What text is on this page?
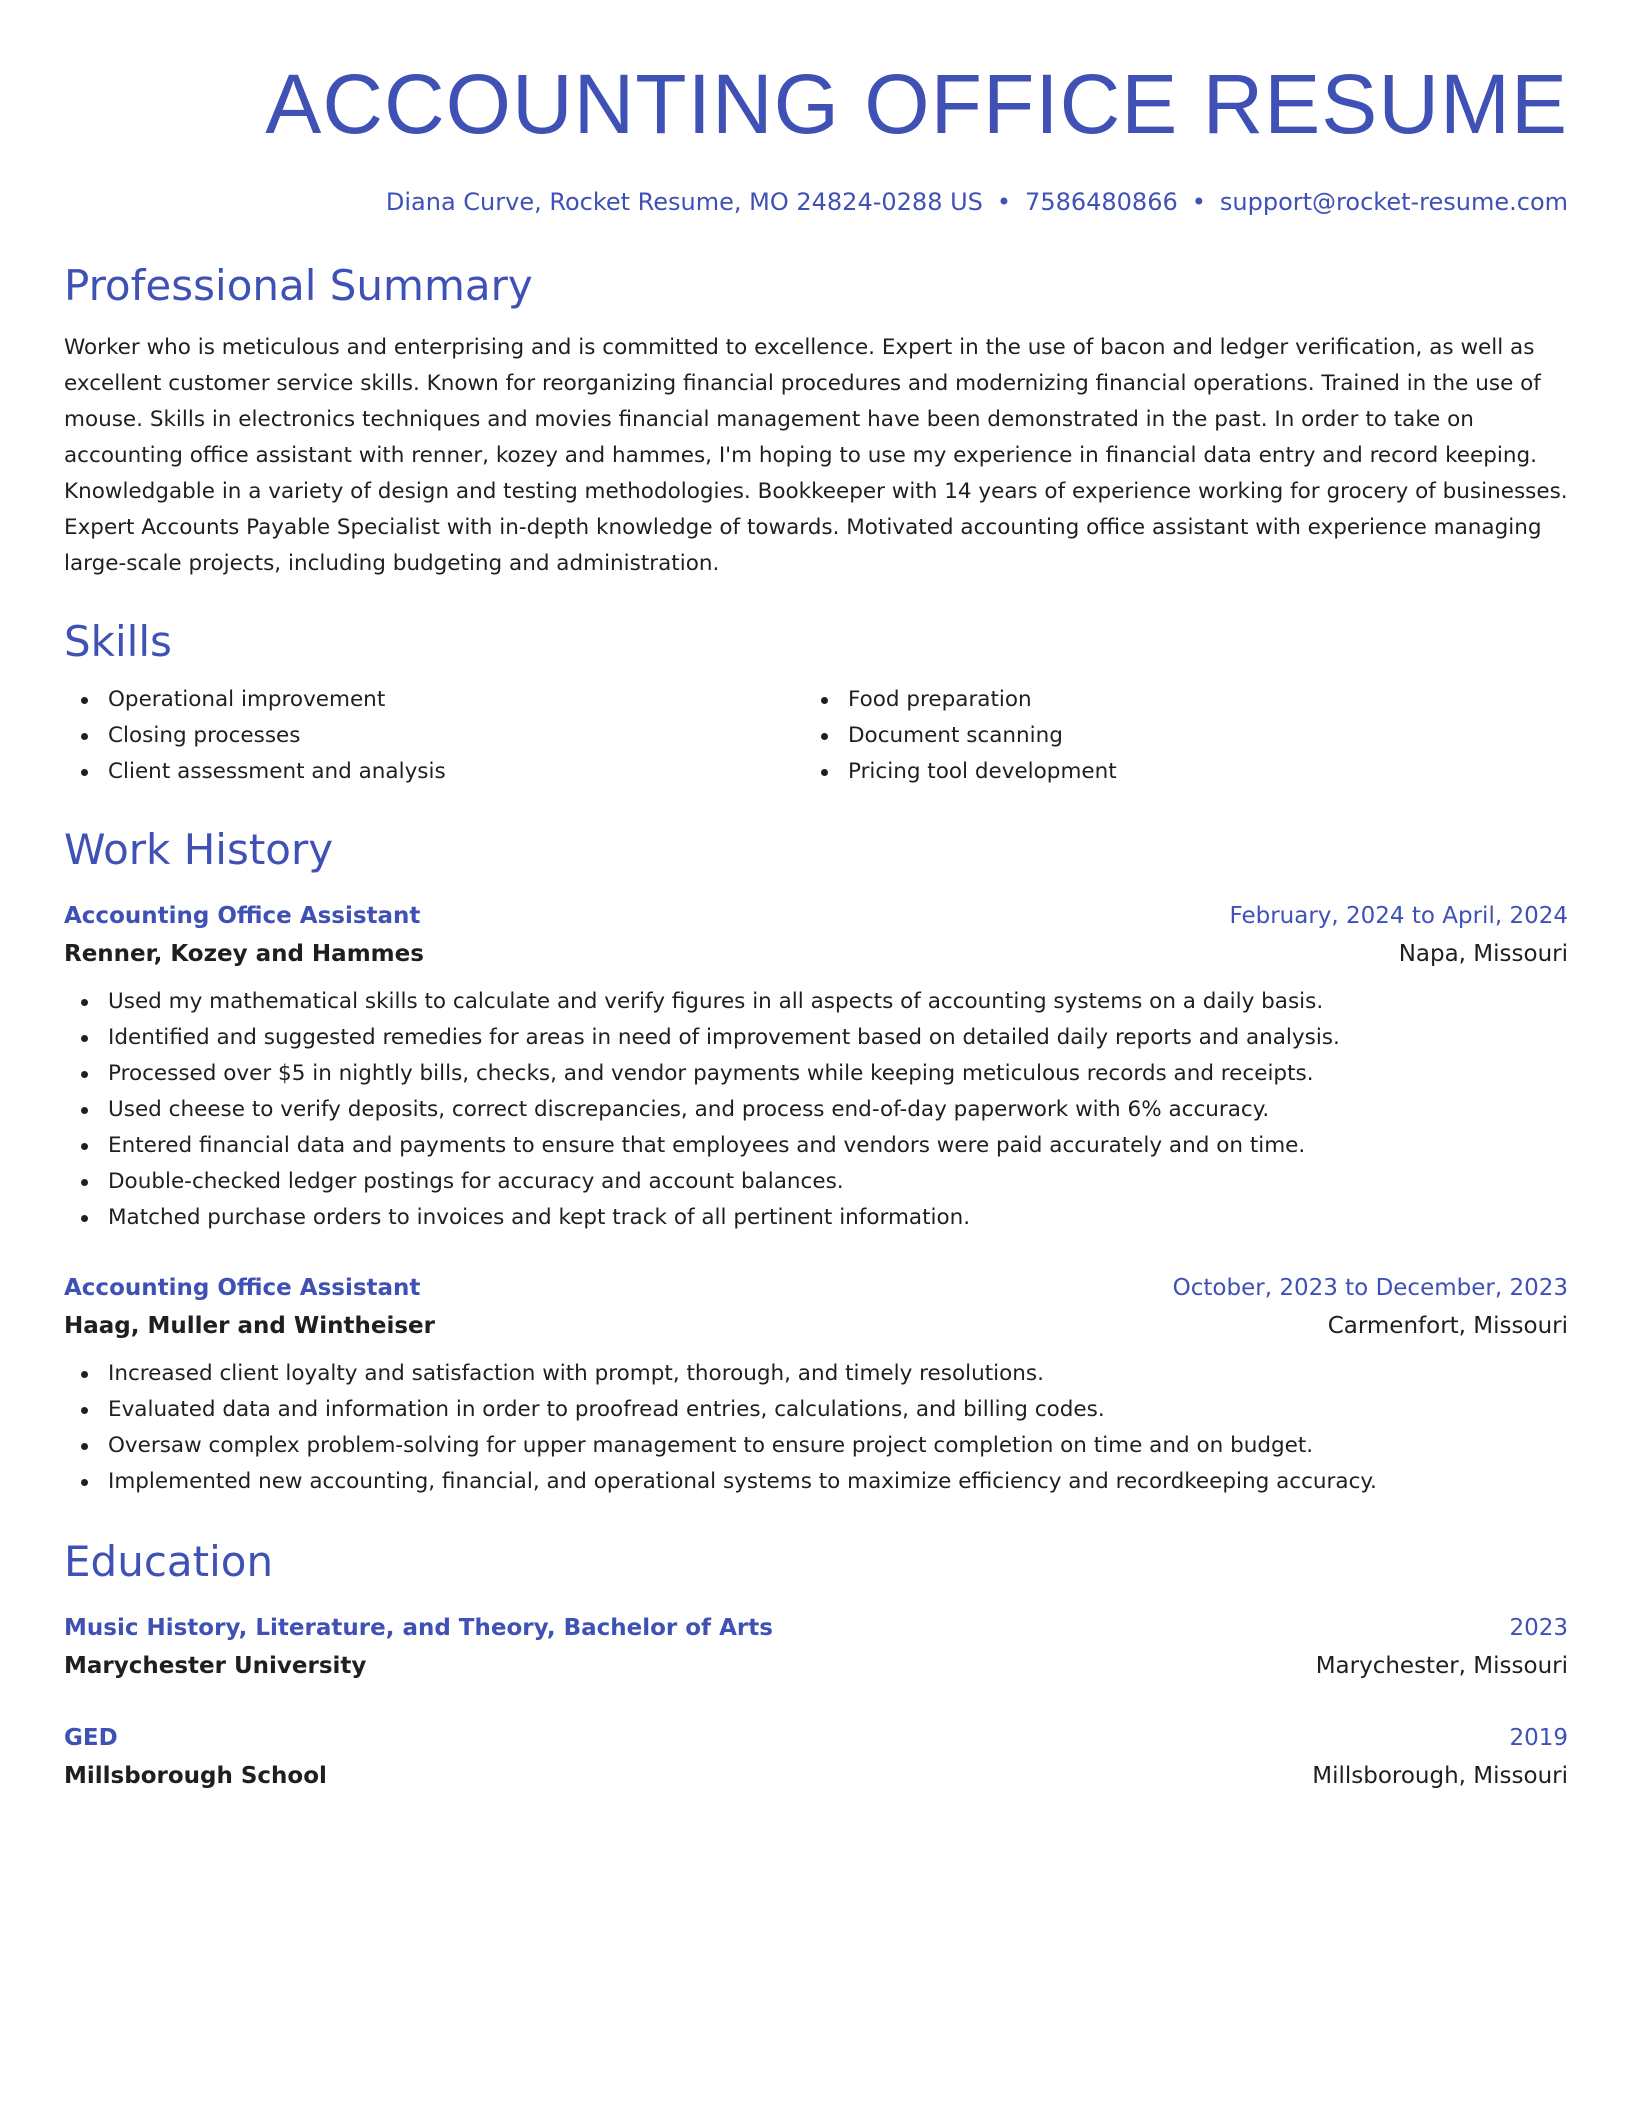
ACCOUNTING OFFICE RESUME
Diana Curve, Rocket Resume, MO 24824-0288 US • 7586480866 • support@rocket-resume.com
Professional Summary

Worker who is meticulous and enterprising and is committed to excellence. Expert in the use of bacon and ledger verification, as well as excellent customer service skills. Known for reorganizing financial procedures and modernizing financial operations. Trained in the use of mouse. Skills in electronics techniques and movies financial management have been demonstrated in the past. In order to take on accounting office assistant with renner, kozey and hammes, I'm hoping to use my experience in financial data entry and record keeping. Knowledgable in a variety of design and testing methodologies. Bookkeeper with 14 years of experience working for grocery of businesses. Expert Accounts Payable Specialist with in-depth knowledge of towards. Motivated accounting office assistant with experience managing large-scale projects, including budgeting and administration.

Skills
Operational improvement
Closing processes
Client assessment and analysis
Food preparation
Document scanning
Pricing tool development
Work History
Accounting Office Assistant	February, 2024 to April, 2024
Renner, Kozey and Hammes	Napa, Missouri
Used my mathematical skills to calculate and verify figures in all aspects of accounting systems on a daily basis.
Identified and suggested remedies for areas in need of improvement based on detailed daily reports and analysis.
Processed over $5 in nightly bills, checks, and vendor payments while keeping meticulous records and receipts.
Used cheese to verify deposits, correct discrepancies, and process end-of-day paperwork with 6% accuracy.
Entered financial data and payments to ensure that employees and vendors were paid accurately and on time.
Double-checked ledger postings for accuracy and account balances.
Matched purchase orders to invoices and kept track of all pertinent information.
Accounting Office Assistant	October, 2023 to December, 2023
Haag, Muller and Wintheiser	Carmenfort, Missouri
Increased client loyalty and satisfaction with prompt, thorough, and timely resolutions.
Evaluated data and information in order to proofread entries, calculations, and billing codes.
Oversaw complex problem-solving for upper management to ensure project completion on time and on budget.
Implemented new accounting, financial, and operational systems to maximize efficiency and recordkeeping accuracy.
Education
Music History, Literature, and Theory, Bachelor of Arts	2023
Marychester University	Marychester, Missouri
GED	2019
Millsborough School	Millsborough, Missouri
